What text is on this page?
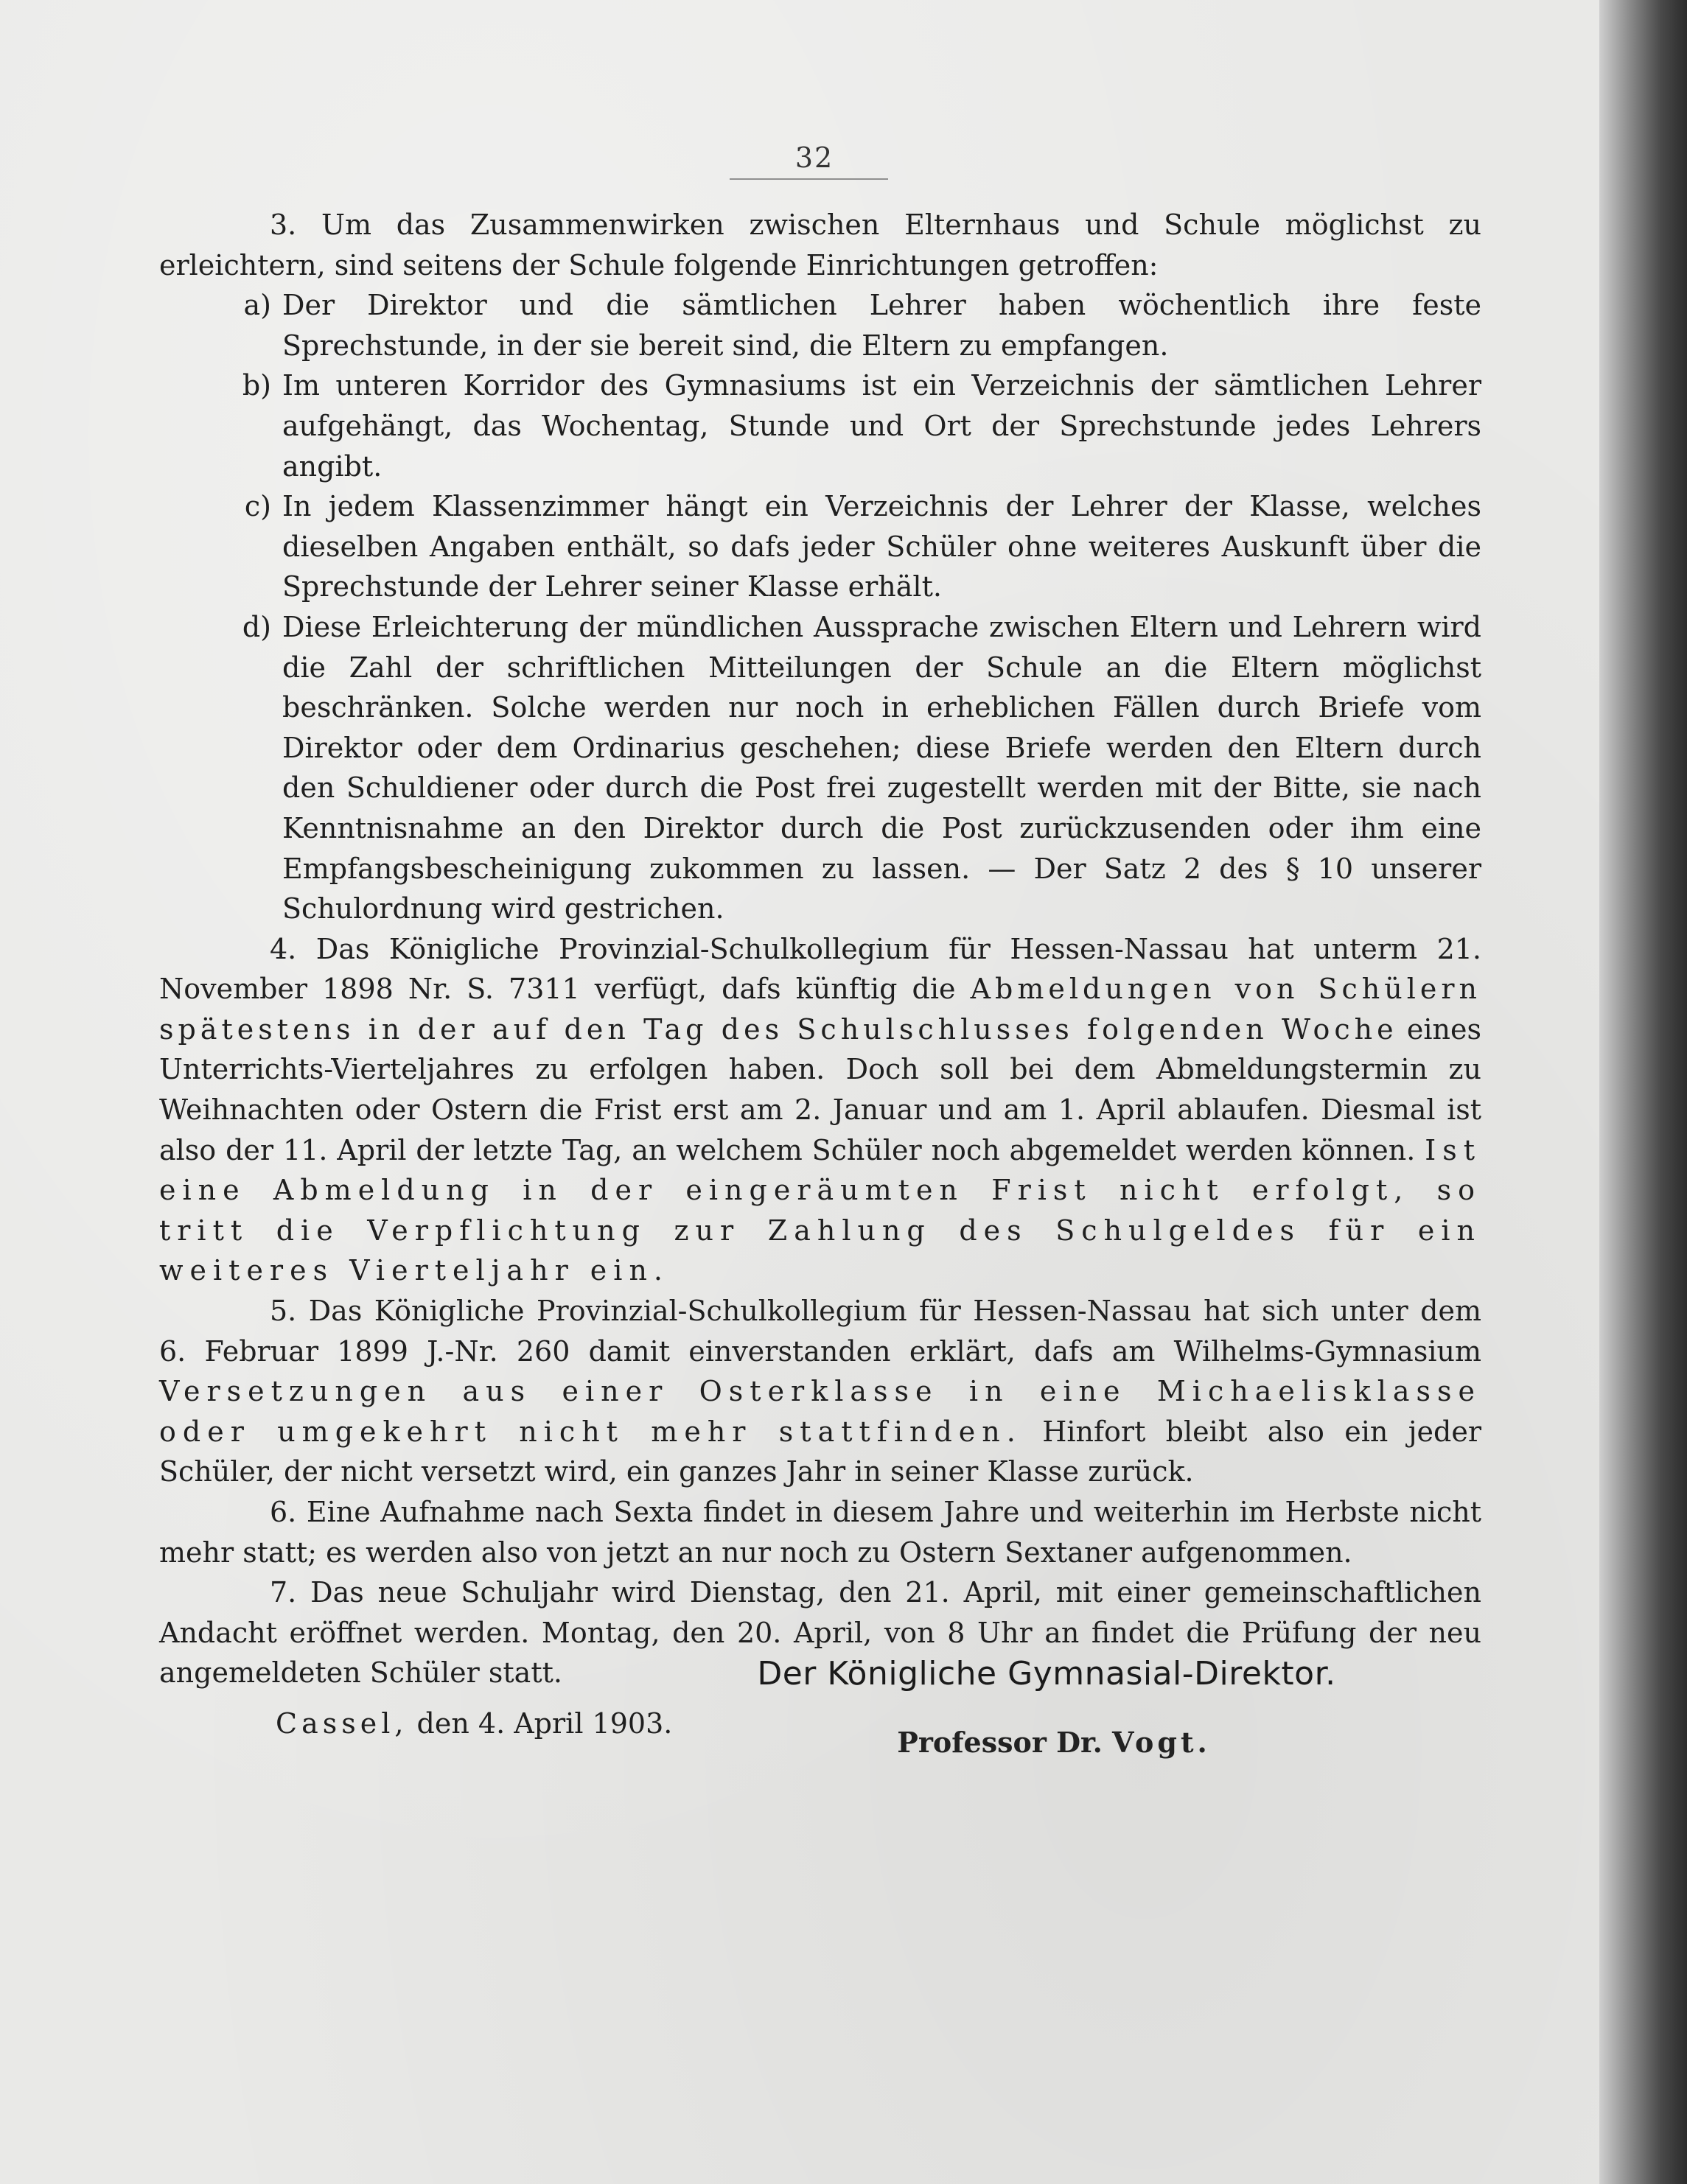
32

3. Um das Zusammenwirken zwischen Elternhaus und Schule möglichst zu erleichtern, sind seitens der Schule folgende Einrichtungen getroffen:

a) Der Direktor und die sämtlichen Lehrer haben wöchentlich ihre feste Sprechstunde, in der sie bereit sind, die Eltern zu empfangen.
b) Im unteren Korridor des Gymnasiums ist ein Verzeichnis der sämtlichen Lehrer aufgehängt, das Wochentag, Stunde und Ort der Sprechstunde jedes Lehrers angibt.
c) In jedem Klassenzimmer hängt ein Verzeichnis der Lehrer der Klasse, welches dieselben Angaben enthält, so dafs jeder Schüler ohne weiteres Auskunft über die Sprechstunde der Lehrer seiner Klasse erhält.
d) Diese Erleichterung der mündlichen Aussprache zwischen Eltern und Lehrern wird die Zahl der schriftlichen Mitteilungen der Schule an die Eltern möglichst beschränken. Solche werden nur noch in erheblichen Fällen durch Briefe vom Direktor oder dem Ordinarius geschehen; diese Briefe werden den Eltern durch den Schuldiener oder durch die Post frei zugestellt werden mit der Bitte, sie nach Kenntnisnahme an den Direktor durch die Post zurückzusenden oder ihm eine Empfangsbescheinigung zukommen zu lassen. — Der Satz 2 des § 10 unserer Schulordnung wird gestrichen.

4. Das Königliche Provinzial-Schulkollegium für Hessen-Nassau hat unterm 21. November 1898 Nr. S. 7311 verfügt, dafs künftig die Abmeldungen von Schülern spätestens in der auf den Tag des Schulschlusses folgenden Woche eines Unterrichts-Vierteljahres zu erfolgen haben. Doch soll bei dem Abmeldungstermin zu Weihnachten oder Ostern die Frist erst am 2. Januar und am 1. April ablaufen. Diesmal ist also der 11. April der letzte Tag, an welchem Schüler noch abgemeldet werden können. Ist eine Abmeldung in der eingeräumten Frist nicht erfolgt, so tritt die Verpflichtung zur Zahlung des Schulgeldes für ein weiteres Vierteljahr ein.

5. Das Königliche Provinzial-Schulkollegium für Hessen-Nassau hat sich unter dem 6. Februar 1899 J.-Nr. 260 damit einverstanden erklärt, dafs am Wilhelms-Gymnasium Versetzungen aus einer Osterklasse in eine Michaelisklasse oder umgekehrt nicht mehr stattfinden. Hinfort bleibt also ein jeder Schüler, der nicht versetzt wird, ein ganzes Jahr in seiner Klasse zurück.

6. Eine Aufnahme nach Sexta findet in diesem Jahre und weiterhin im Herbste nicht mehr statt; es werden also von jetzt an nur noch zu Ostern Sextaner aufgenommen.

7. Das neue Schuljahr wird Dienstag, den 21. April, mit einer gemeinschaftlichen Andacht eröffnet werden. Montag, den 20. April, von 8 Uhr an findet die Prüfung der neu angemeldeten Schüler statt.

Cassel, den 4. April 1903.

Der Königliche Gymnasial-Direktor.
Professor Dr. Vogt.
